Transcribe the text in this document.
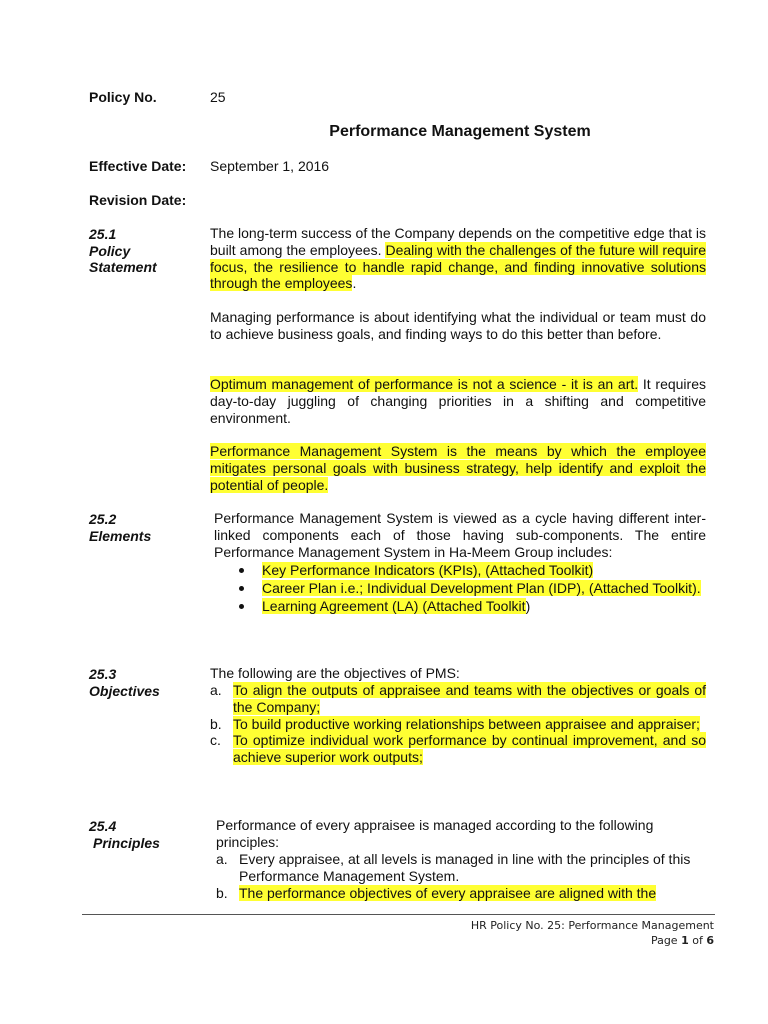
Policy No.	25
Performance Management System
Effective Date: September 1, 2016
Revision Date:
25.1
Policy
Statement
The long-term success of the Company depends on the competitive edge that is built among the employees. Dealing with the challenges of the future will require focus, the resilience to handle rapid change, and finding innovative solutions through the employees.
Managing performance is about identifying what the individual or team must do to achieve business goals, and finding ways to do this better than before.
Optimum management of performance is not a science - it is an art. It requires day-to-day juggling of changing priorities in a shifting and competitive environment.
Performance Management System is the means by which the employee mitigates personal goals with business strategy, help identify and exploit the potential of people.
25.2
Elements
Performance Management System is viewed as a cycle having different inter-linked components each of those having sub-components. The entire Performance Management System in Ha-Meem Group includes:
Key Performance Indicators (KPIs), (Attached Toolkit)
Career Plan i.e.; Individual Development Plan (IDP), (Attached Toolkit).
Learning Agreement (LA) (Attached Toolkit)
25.3
Objectives
The following are the objectives of PMS:
a. To align the outputs of appraisee and teams with the objectives or goals of the Company;
b. To build productive working relationships between appraisee and appraiser;
c. To optimize individual work performance by continual improvement, and so achieve superior work outputs;
25.4
Principles
Performance of every appraisee is managed according to the following principles:
a. Every appraisee, at all levels is managed in line with the principles of this Performance Management System.
b. The performance objectives of every appraisee are aligned with the
HR Policy No. 25: Performance Management
Page 1 of 6
